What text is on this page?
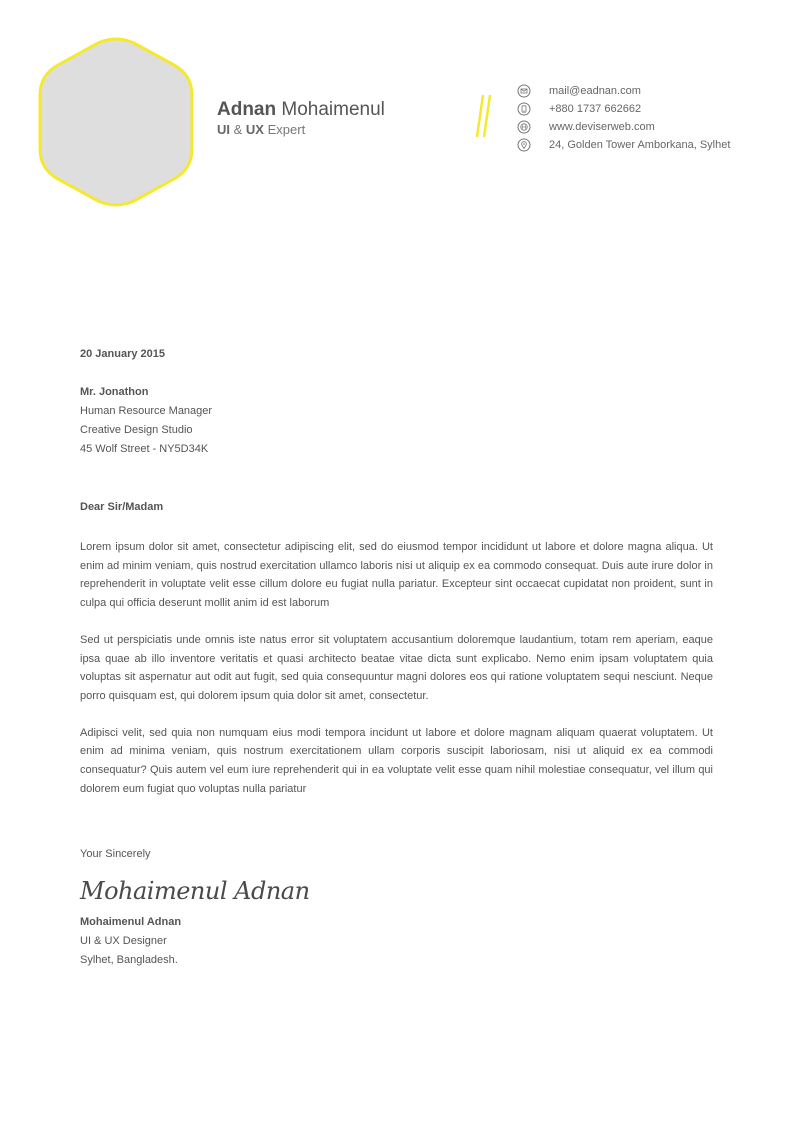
Adnan Mohaimenul
UI & UX Expert
mail@eadnan.com
+880 1737 662662
www.deviserweb.com
24, Golden Tower Amborkana, Sylhet
20 January 2015
Mr. Jonathon
Human Resource Manager
Creative Design Studio
45 Wolf Street - NY5D34K
Dear Sir/Madam
Lorem ipsum dolor sit amet, consectetur adipiscing elit, sed do eiusmod tempor incididunt ut labore et dolore magna aliqua. Ut enim ad minim veniam, quis nostrud exercitation ullamco laboris nisi ut aliquip ex ea commodo consequat. Duis aute irure dolor in reprehenderit in voluptate velit esse cillum dolore eu fugiat nulla pariatur. Excepteur sint occaecat cupidatat non proident, sunt in culpa qui officia deserunt mollit anim id est laborum
Sed ut perspiciatis unde omnis iste natus error sit voluptatem accusantium doloremque laudantium, totam rem aperiam, eaque ipsa quae ab illo inventore veritatis et quasi architecto beatae vitae dicta sunt explicabo. Nemo enim ipsam voluptatem quia voluptas sit aspernatur aut odit aut fugit, sed quia consequuntur magni dolores eos qui ratione voluptatem sequi nesciunt. Neque porro quisquam est, qui dolorem ipsum quia dolor sit amet, consectetur.
Adipisci velit, sed quia non numquam eius modi tempora incidunt ut labore et dolore magnam aliquam quaerat voluptatem. Ut enim ad minima veniam, quis nostrum exercitationem ullam corporis suscipit laboriosam, nisi ut aliquid ex ea commodi consequatur? Quis autem vel eum iure reprehenderit qui in ea voluptate velit esse quam nihil molestiae consequatur, vel illum qui dolorem eum fugiat quo voluptas nulla pariatur
Your Sincerely
Mohaimenul Adnan
Mohaimenul Adnan
UI & UX Designer
Sylhet, Bangladesh.
